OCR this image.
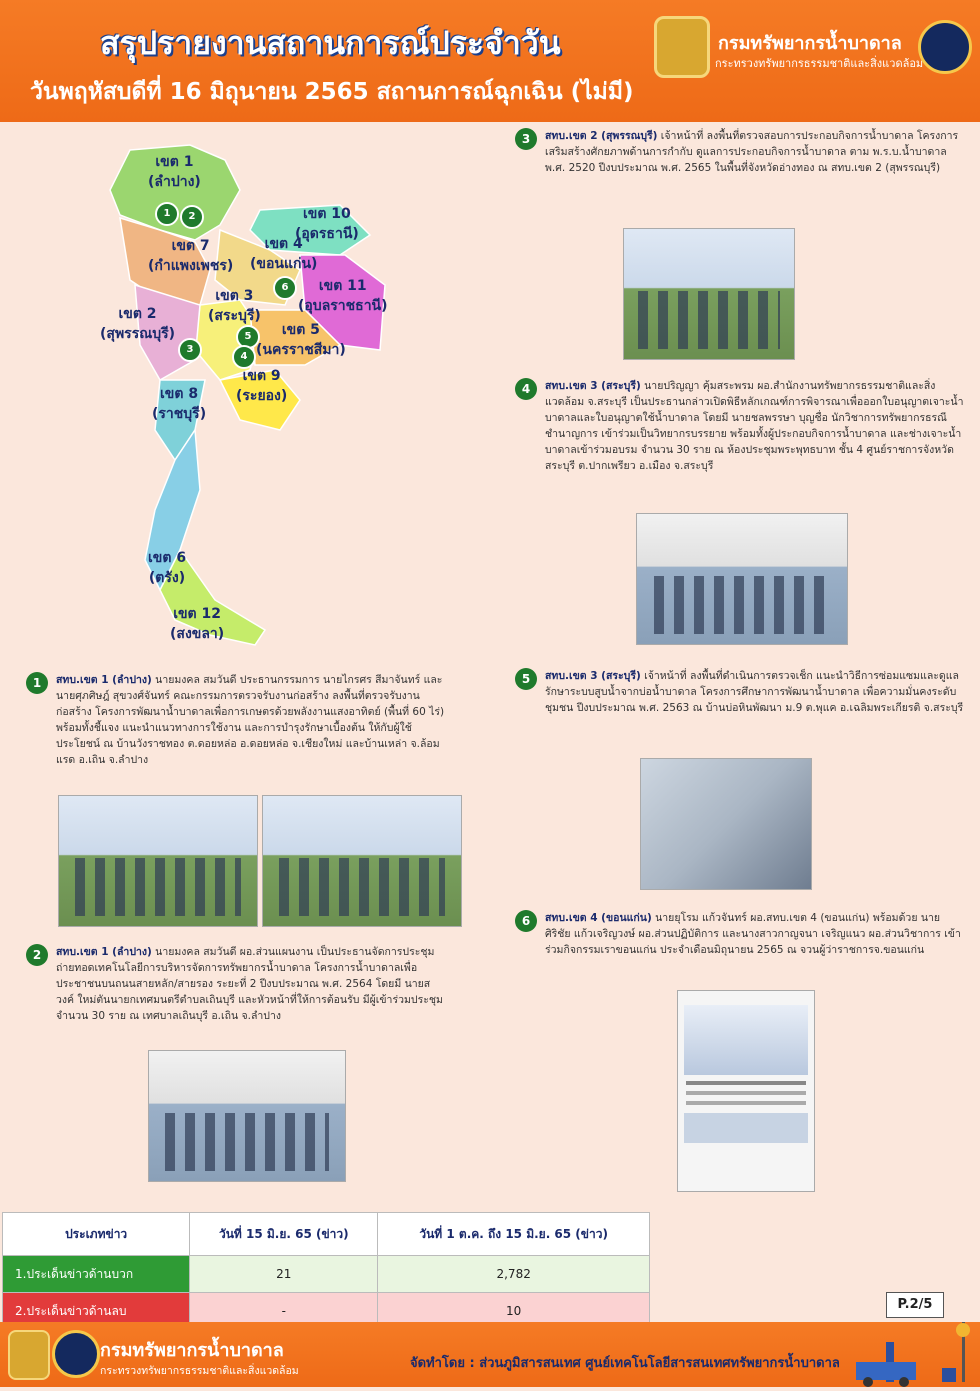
สรุปรายงานสถานการณ์ประจำวัน
วันพฤหัสบดีที่ 16 มิถุนายน 2565 สถานการณ์ฉุกเฉิน (ไม่มี)
กรมทรัพยากรน้ำบาดาล
กระทรวงทรัพยากรธรรมชาติและสิ่งแวดล้อม
เขต 1
(ลำปาง)
เขต 10
(อุดรธานี)
เขต 7
(กำแพงเพชร)
เขต 4
(ขอนแก่น)
เขต 11
(อุบลราชธานี)
เขต 3
(สระบุรี)
เขต 2
(สุพรรณบุรี)	เขต 5
(นครราชสีมา)
เขต 9
(ระยอง)
เขต 8
(ราชบุรี)
เขต 6
(ตรัง)
เขต 12
(สงขลา)
1	2
6
5
3
4
3	สทบ.เขต 2 (สุพรรณบุรี) เจ้าหน้าที่ ลงพื้นที่ตรวจสอบการประกอบกิจการน้ำบาดาล โครงการเสริมสร้างศักยภาพด้านการกำกับ ดูแลการประกอบกิจการน้ำบาดาล ตาม พ.ร.บ.น้ำบาดาล พ.ศ. 2520 ปีงบประมาณ พ.ศ. 2565 ในพื้นที่จังหวัดอ่างทอง ณ สทบ.เขต 2 (สุพรรณบุรี)

4	สทบ.เขต 3 (สระบุรี) นายปริญญา คุ้มสระพรม ผอ.สำนักงานทรัพยากรธรรมชาติและสิ่งแวดล้อม จ.สระบุรี เป็นประธานกล่าวเปิดพิธีหลักเกณฑ์การพิจารณาเพื่อออกใบอนุญาตเจาะน้ำบาดาลและใบอนุญาตใช้น้ำบาดาล โดยมี นายชลพรรษา บุญชื่อ นักวิชาการทรัพยากรธรณีชำนาญการ เข้าร่วมเป็นวิทยากรบรรยาย พร้อมทั้งผู้ประกอบกิจการน้ำบาดาล และช่างเจาะน้ำบาดาลเข้าร่วมอบรม จำนวน 30 ราย ณ ห้องประชุมพระพุทธบาท ชั้น 4 ศูนย์ราชการจังหวัดสระบุรี ต.ปากเพรียว อ.เมือง จ.สระบุรี

1	สทบ.เขต 1 (ลำปาง) นายมงคล สมวันดี ประธานกรรมการ นายไกรศร สีมาจันทร์ และนายศุภศิษฎ์ สุขวงศ์จันทร์ คณะกรรมการตรวจรับงานก่อสร้าง ลงพื้นที่ตรวจรับงานก่อสร้าง โครงการพัฒนาน้ำบาดาลเพื่อการเกษตรด้วยพลังงานแสงอาทิตย์ (พื้นที่ 60 ไร่) พร้อมทั้งชี้แจง แนะนำแนวทางการใช้งาน และการบำรุงรักษาเบื้องต้น ให้กับผู้ใช้ประโยชน์ ณ บ้านวังราชทอง ต.ดอยหล่อ อ.ดอยหล่อ จ.เชียงใหม่ และบ้านเหล่า จ.ล้อมแรด อ.เถิน จ.ลำปาง

5	สทบ.เขต 3 (สระบุรี) เจ้าหน้าที่ ลงพื้นที่ดำเนินการตรวจเช็ก แนะนำวิธีการซ่อมแซมและดูแลรักษาระบบสูบน้ำจากบ่อน้ำบาดาล โครงการศึกษาการพัฒนาน้ำบาดาล เพื่อความมั่นคงระดับชุมชน ปีงบประมาณ พ.ศ. 2563 ณ บ้านบ่อหินพัฒนา ม.9 ต.พุแค อ.เฉลิมพระเกียรติ จ.สระบุรี

6	สทบ.เขต 4 (ขอนแก่น) นายยุโรม แก้วจันทร์ ผอ.สทบ.เขต 4 (ขอนแก่น) พร้อมด้วย นายศิริชัย แก้วเจริญวงษ์ ผอ.ส่วนปฏิบัติการ และนางสาวกาญจนา เจริญแนว ผอ.ส่วนวิชาการ เข้าร่วมกิจกรรมเราขอนแก่น ประจำเดือนมิถุนายน 2565 ณ จวนผู้ว่าราชการจ.ขอนแก่น

2	สทบ.เขต 1 (ลำปาง) นายมงคล สมวันดี ผอ.ส่วนแผนงาน เป็นประธานจัดการประชุมถ่ายทอดเทคโนโลยีการบริหารจัดการทรัพยากรน้ำบาดาล โครงการน้ำบาดาลเพื่อประชาชนบนถนนสายหลัก/สายรอง ระยะที่ 2 ปีงบประมาณ พ.ศ. 2564 โดยมี นายสวงค์ ใหม่ตันนายกเทศมนตรีตำบลเถินบุรี และหัวหน้าที่ให้การต้อนรับ มีผู้เข้าร่วมประชุม จำนวน 30 ราย ณ เทศบาลเถินบุรี อ.เถิน จ.ลำปาง

ประเภทข่าว	วันที่ 15 มิ.ย. 65 (ข่าว)	วันที่ 1 ต.ค. ถึง 15 มิ.ย. 65 (ข่าว)
1.ประเด็นข่าวด้านบวก	21	2,782
2.ประเด็นข่าวด้านลบ	-	10	P.2/5
กรมทรัพยากรน้ำบาดาล
กระทรวงทรัพยากรธรรมชาติและสิ่งแวดล้อม	จัดทำโดย : ส่วนภูมิสารสนเทศ ศูนย์เทคโนโลยีสารสนเทศทรัพยากรน้ำบาดาล
